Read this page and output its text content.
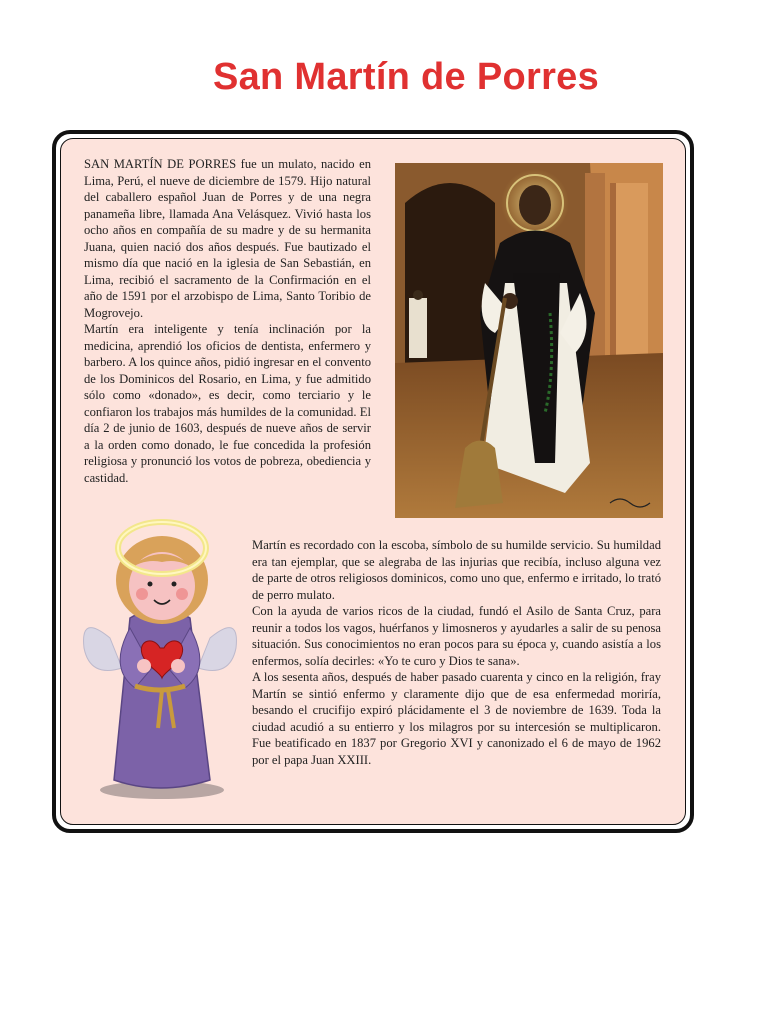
San Martín de Porres

SAN MARTÍN DE PORRES fue un mulato, nacido en Lima, Perú, el nueve de diciembre de 1579. Hijo natural del caballero español Juan de Porres y de una negra panameña libre, llamada Ana Velásquez. Vivió hasta los ocho años en compañía de su madre y de su hermanita Juana, quien nació dos años después. Fue bautizado el mismo día que nació en la iglesia de San Sebastián, en Lima, recibió el sacramento de la Confirmación en el año de 1591 por el arzobispo de Lima, Santo Toribio de Mogrovejo.

Martín era inteligente y tenía inclinación por la medicina, aprendió los oficios de dentista, enfermero y barbero. A los quince años, pidió ingresar en el convento de los Dominicos del Rosario, en Lima, y fue admitido sólo como «donado», es decir, como terciario y le confiaron los trabajos más humildes de la comunidad. El día 2 de junio de 1603, después de nueve años de servir a la orden como donado, le fue concedida la profesión religiosa y pronunció los votos de pobreza, obediencia y castidad.

Martín es recordado con la escoba, símbolo de su humilde servicio. Su humildad era tan ejemplar, que se alegraba de las injurias que recibía, incluso alguna vez de parte de otros religiosos dominicos, como uno que, enfermo e irritado, lo trató de perro mulato.

Con la ayuda de varios ricos de la ciudad, fundó el Asilo de Santa Cruz, para reunir a todos los vagos, huérfanos y limosneros y ayudarles a salir de su penosa situación. Sus conocimientos no eran pocos para su época y, cuando asistía a los enfermos, solía decirles: «Yo te curo y Dios te sana».

A los sesenta años, después de haber pasado cuarenta y cinco en la religión, fray Martín se sintió enfermo y claramente dijo que de esa enfermedad moriría, besando el crucifijo expiró plácidamente el 3 de noviembre de 1639. Toda la ciudad acudió a su entierro y los milagros por su intercesión se multiplicaron. Fue beatificado en 1837 por Gregorio XVI y canonizado el 6 de mayo de 1962 por el papa Juan XXIII.
